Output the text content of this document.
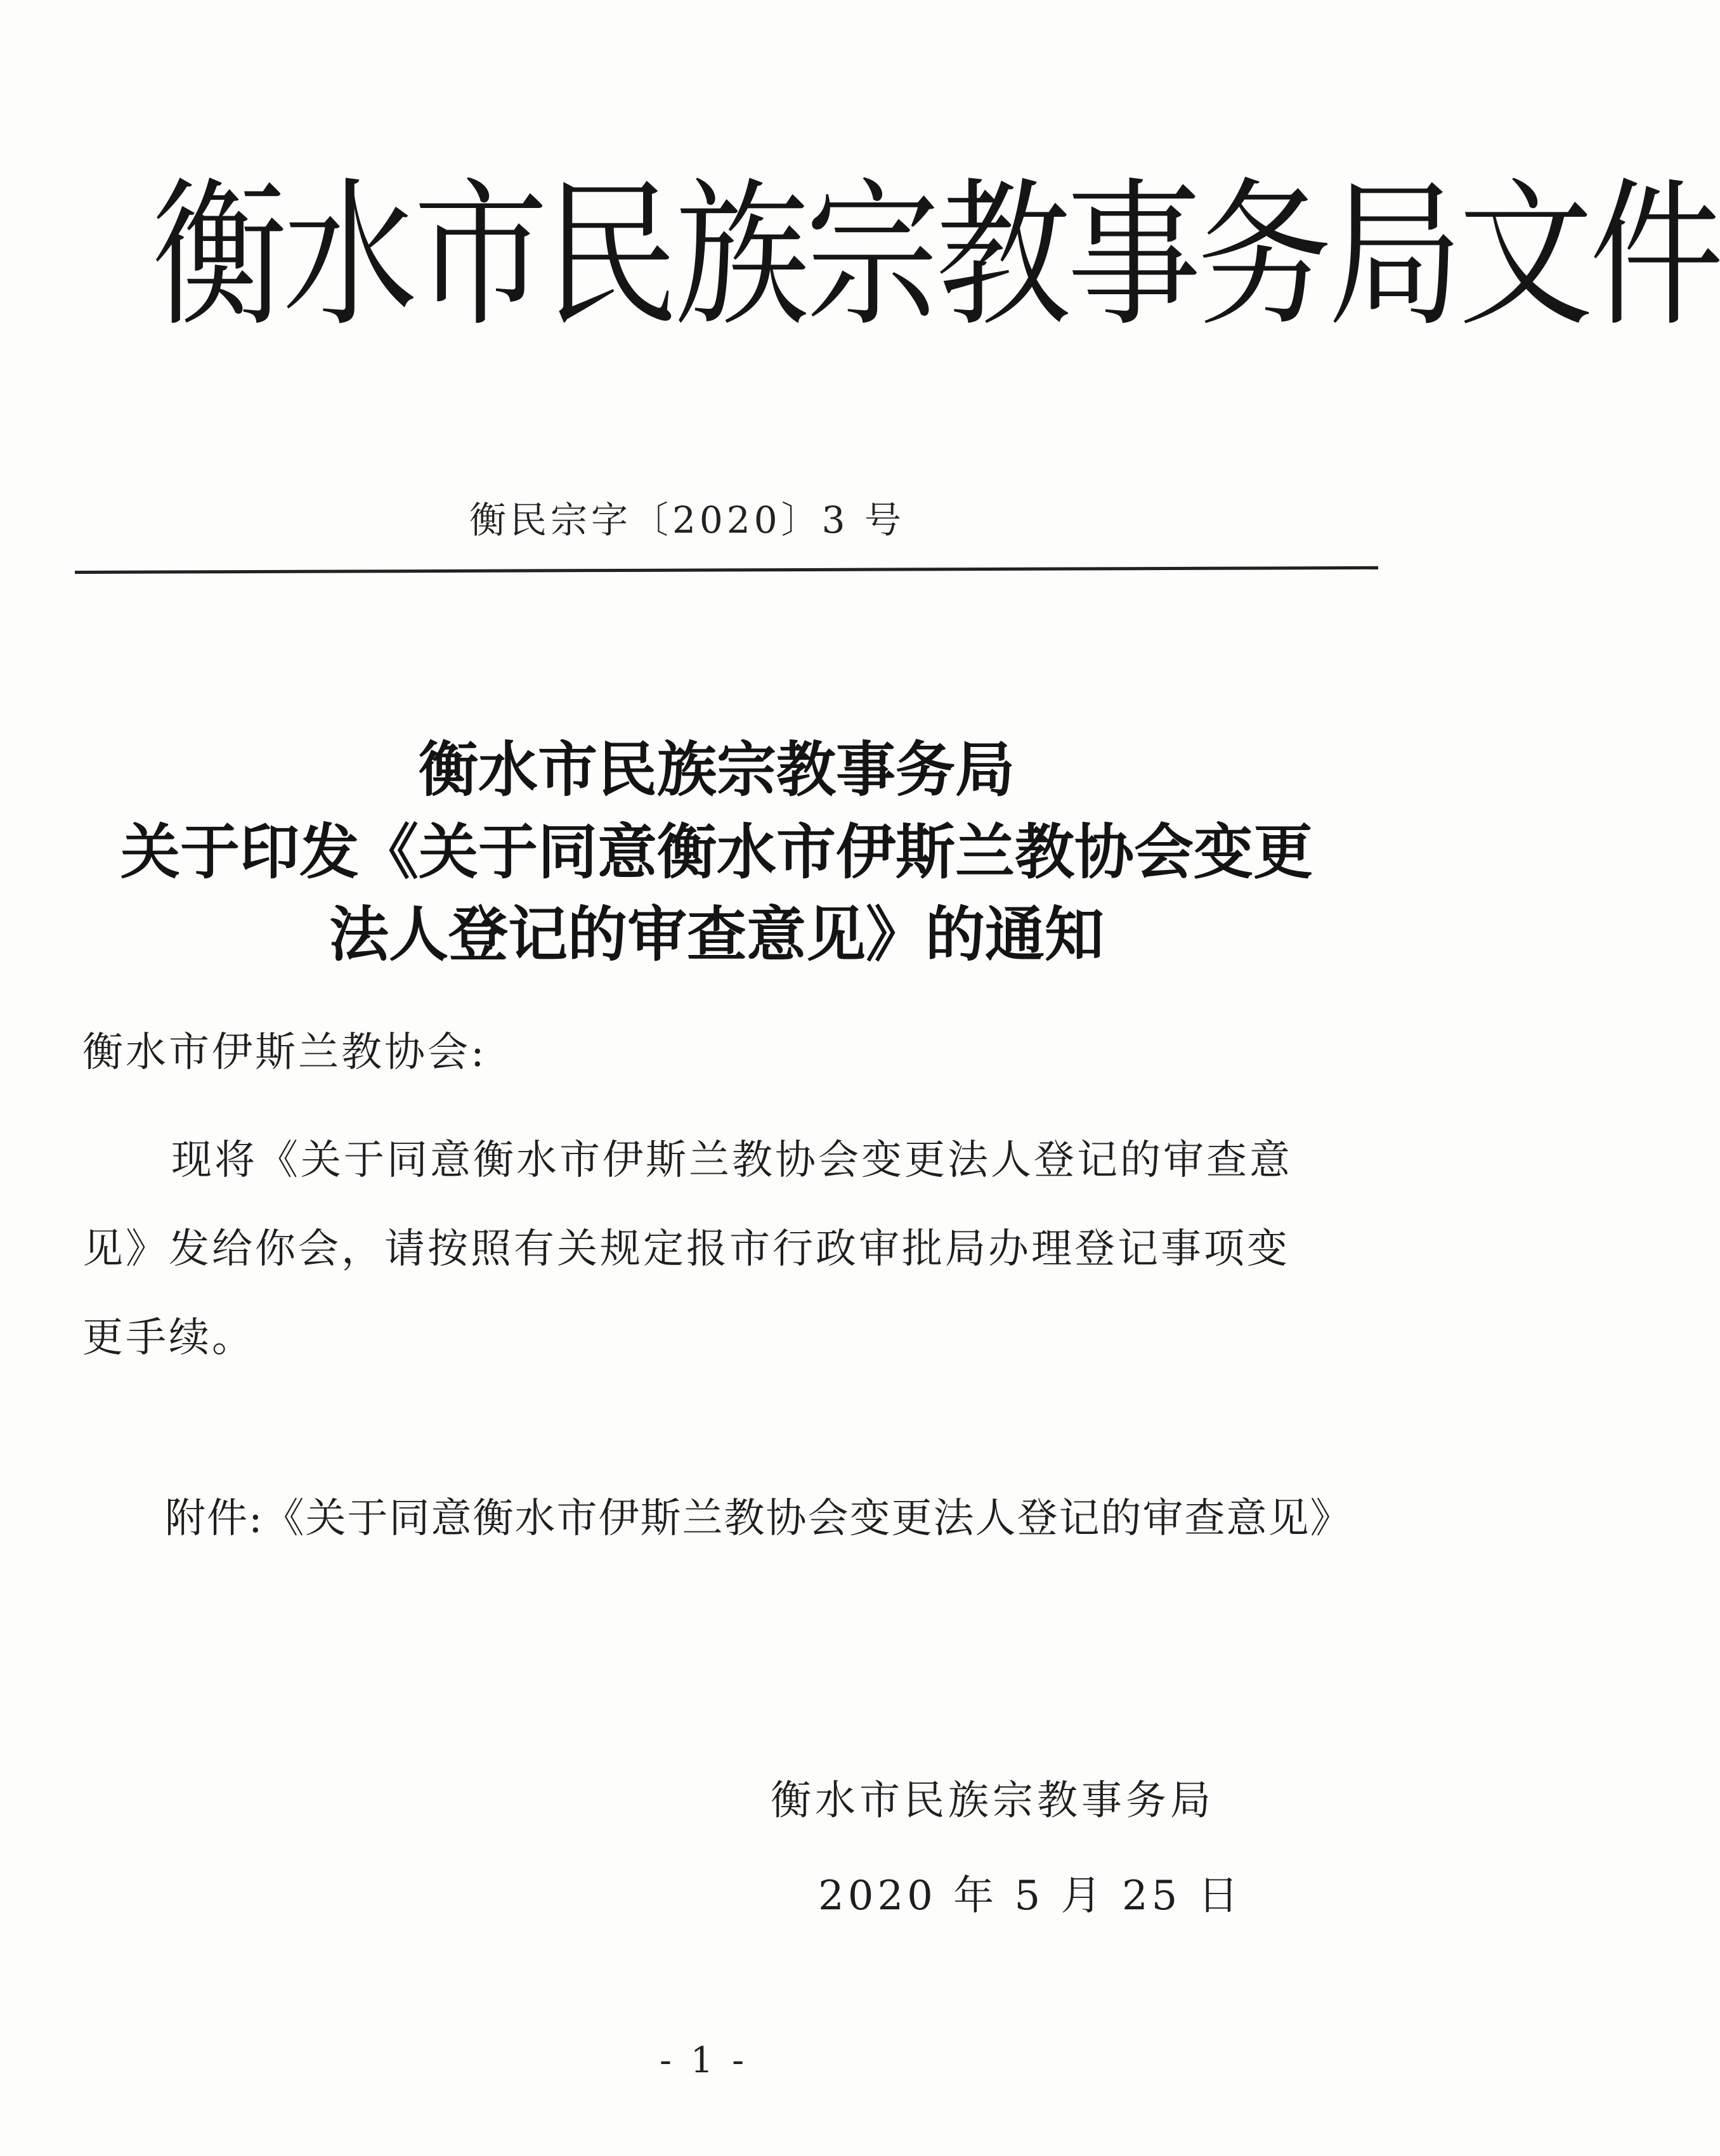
衡水市民族宗教事务局文件
衡民宗字〔2020〕3 号
衡水市民族宗教事务局
关于印发《关于同意衡水市伊斯兰教协会变更
法人登记的审查意见》的通知
衡水市伊斯兰教协会:
现将《关于同意衡水市伊斯兰教协会变更法人登记的审查意
见》发给你会，请按照有关规定报市行政审批局办理登记事项变
更手续。
附件:《关于同意衡水市伊斯兰教协会变更法人登记的审查意见》
衡水市民族宗教事务局
2020 年 5 月 25 日
- 1 -
